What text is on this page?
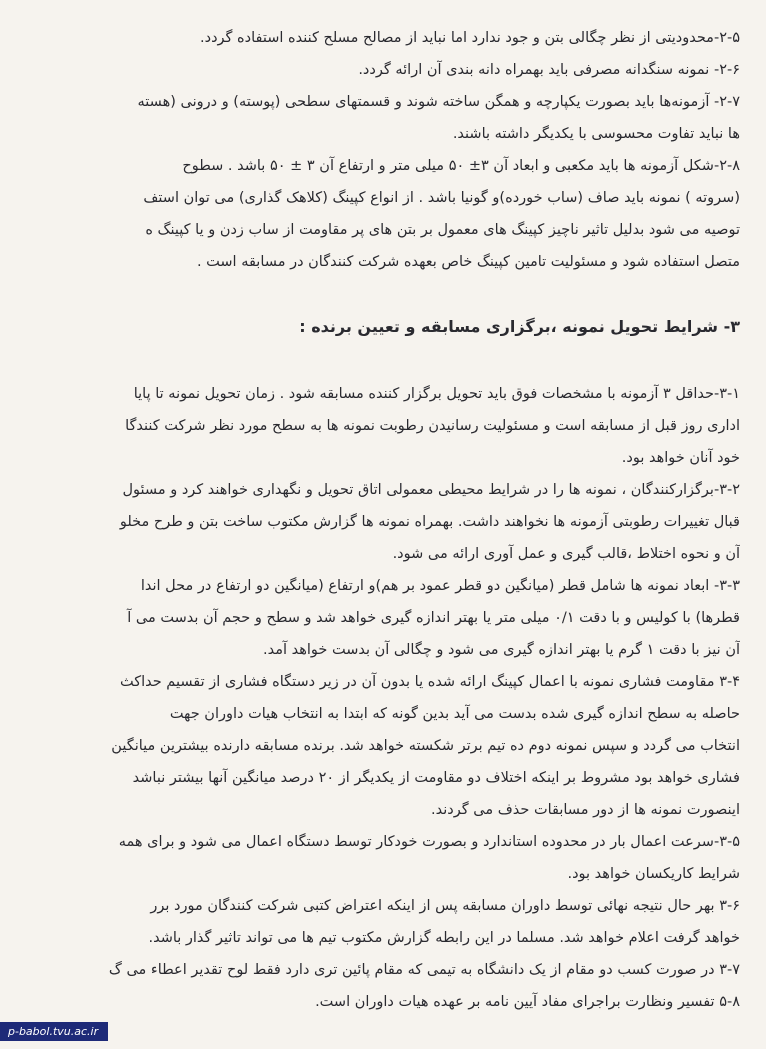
۲-۵-محدودیتی از نظر چگالی بتن و جود ندارد اما نباید از مصالح مسلح کننده استفاده گردد.
۲-۶- نمونه سنگدانه مصرفی باید بهمراه دانه بندی آن ارائه گردد.
۲-۷- آزمونه‌ها باید بصورت یکپارچه و همگن ساخته شوند و قسمتهای سطحی (پوسته) و درونی (هسته
ها نباید تفاوت محسوسی با یکدیگر داشته باشند.
۲-۸-شکل آزمونه ها باید مکعبی و ابعاد آن ۳± ۵۰ میلی متر و ارتفاع آن ۳ ± ۵۰ باشد . سطوح
(سروته ) نمونه باید صاف (ساب خورده)و گونیا باشد . از انواع کپینگ (کلاهک گذاری) می توان استف
توصیه می شود بدلیل تاثیر ناچیز کپینگ های معمول بر بتن های پر مقاومت از ساب زدن و یا کپینگ ه
متصل استفاده شود و مسئولیت تامین کپینگ خاص بعهده شرکت کنندگان در مسابقه است .
۳- شرایط تحویل نمونه ،برگزاری مسابقه و تعیین برنده :
۳-۱-حداقل ۳ آزمونه با مشخصات فوق باید تحویل برگزار کننده مسابقه شود . زمان تحویل نمونه تا پایا
اداری روز قبل از مسابقه است و مسئولیت رسانیدن رطوبت نمونه ها به سطح مورد نظر شرکت کنندگا
خود آنان خواهد بود.
۳-۲-برگزارکنندگان ، نمونه ها را در شرایط محیطی معمولی اتاق تحویل و نگهداری خواهند کرد و مسئول
قبال تغییرات رطوبتی آزمونه ها نخواهند داشت. بهمراه نمونه ها گزارش مکتوب ساخت بتن و طرح مخلو
آن و نحوه اختلاط ،قالب گیری و عمل آوری ارائه می شود.
۳-۳- ابعاد نمونه ها شامل قطر (میانگین دو قطر عمود بر هم)و ارتفاع (میانگین دو ارتفاع در محل اندا
قطرها) با کولیس و با دقت ۰/۱ میلی متر یا بهتر اندازه گیری خواهد شد و سطح و حجم آن بدست می آ
آن نیز با دقت ۱ گرم یا بهتر اندازه گیری می شود و چگالی آن بدست خواهد آمد.
۳-۴ مقاومت فشاری نمونه با اعمال کپینگ ارائه شده یا بدون آن در زیر دستگاه فشاری از تقسیم حداکث
حاصله به سطح اندازه گیری شده بدست می آید بدین گونه که ابتدا به انتخاب هیات داوران جهت
انتخاب می گردد و سپس نمونه دوم ده تیم برتر شکسته خواهد شد. برنده مسابقه دارنده بیشترین میانگین
فشاری خواهد بود مشروط بر اینکه اختلاف دو مقاومت از یکدیگر از ۲۰ درصد میانگین آنها بیشتر نباشد
اینصورت نمونه ها از دور مسابقات حذف می گردند.
۳-۵-سرعت اعمال بار در محدوده استاندارد و بصورت خودکار توسط دستگاه اعمال می شود و برای همه
شرایط کاریکسان خواهد بود.
۳-۶ بهر حال نتیجه نهائی توسط داوران مسابقه پس از اینکه اعتراض کتبی شرکت کنندگان مورد برر
خواهد گرفت اعلام خواهد شد. مسلما در این رابطه گزارش مکتوب تیم ها می تواند تاثیر گذار باشد.
۳-۷ در صورت کسب دو مقام از یک دانشگاه به تیمی که مقام پائین تری دارد فقط لوح تقدیر اعطاء می گ
۵-۸ تفسیر ونظارت براجرای مفاد آیین نامه بر عهده هیات داوران است.
p-babol.tvu.ac.ir
